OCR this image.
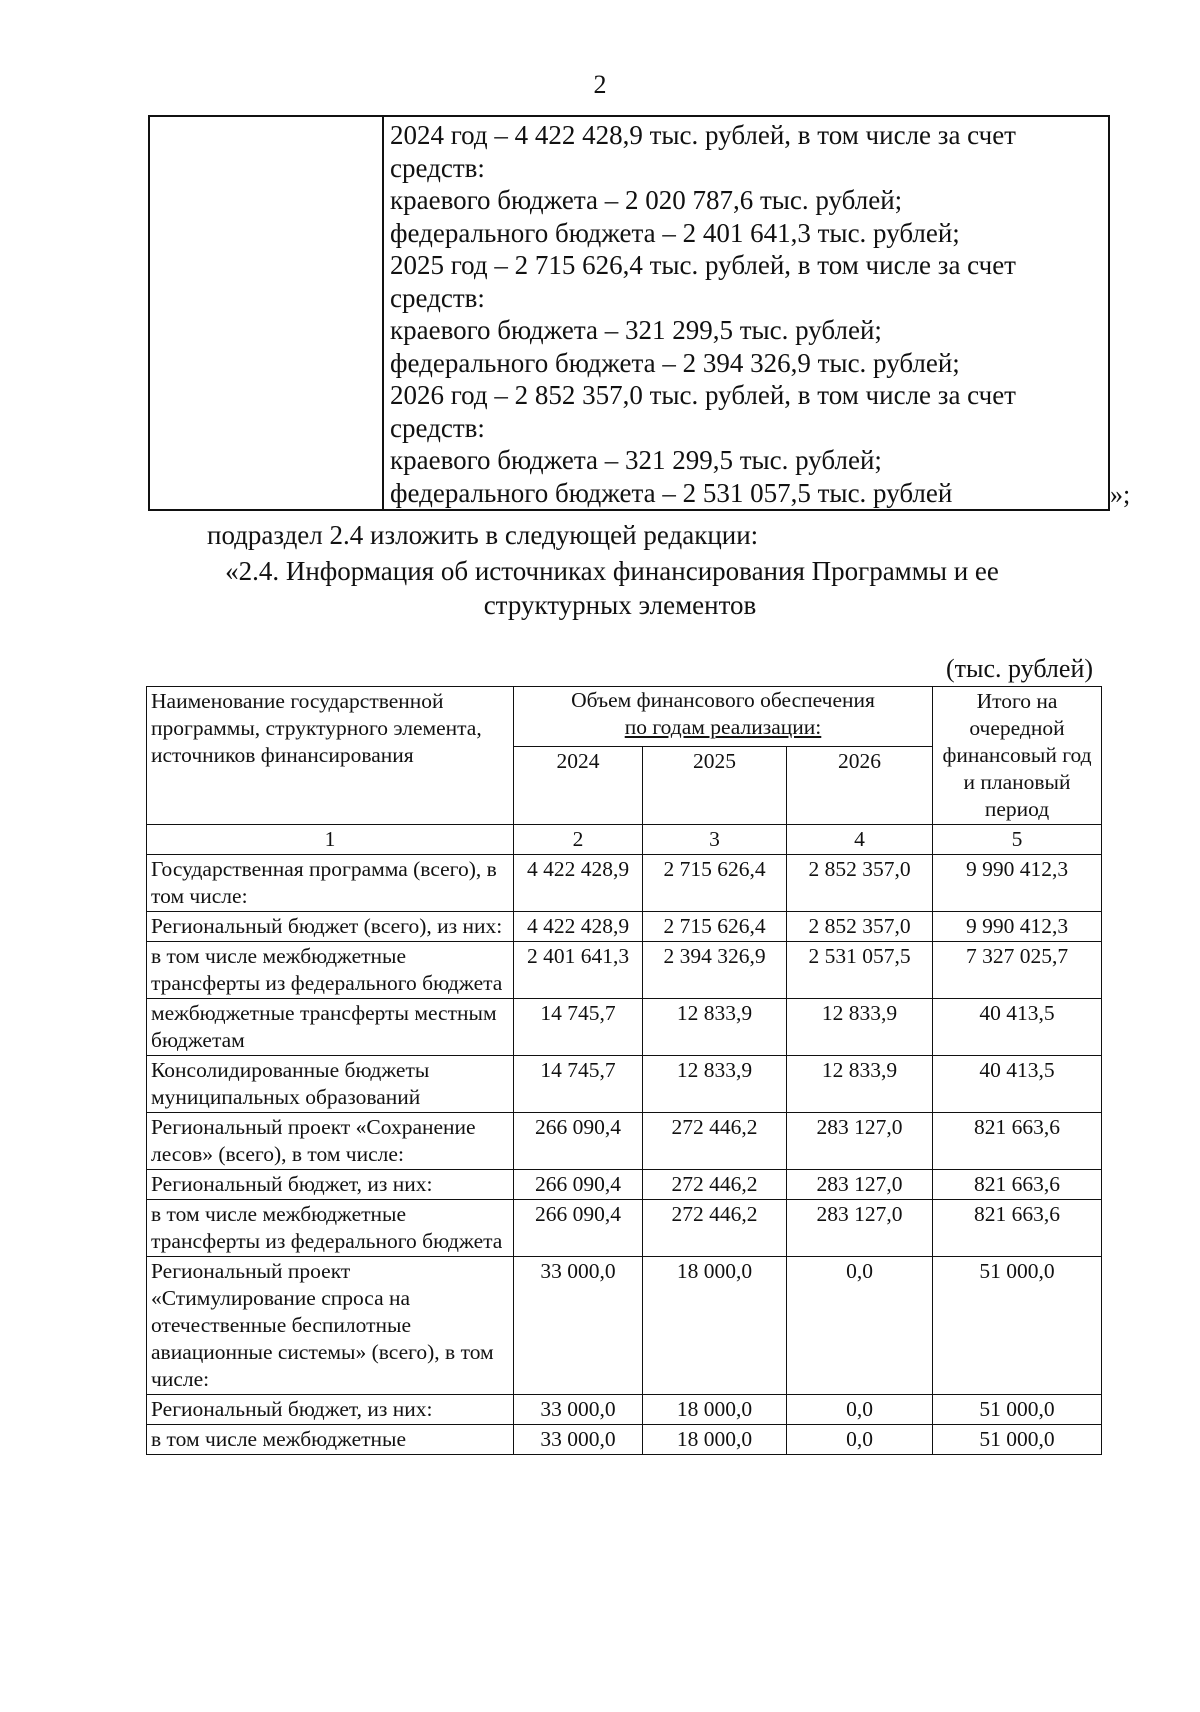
2

2024 год – 4 422 428,9 тыс. рублей, в том числе за счет
средств:
краевого бюджета – 2 020 787,6 тыс. рублей;
федерального бюджета – 2 401 641,3 тыс. рублей;
2025 год – 2 715 626,4 тыс. рублей, в том числе за счет
средств:
краевого бюджета – 321 299,5 тыс. рублей;
федерального бюджета – 2 394 326,9 тыс. рублей;
2026 год – 2 852 357,0 тыс. рублей, в том числе за счет
средств:
краевого бюджета – 321 299,5 тыс. рублей;
федерального бюджета – 2 531 057,5 тыс. рублей	»;
подраздел 2.4 изложить в следующей редакции:
«2.4. Информация об источниках финансирования Программы и ее
структурных элементов
(тыс. рублей)
Наименование государственной программы, структурного элемента, источников финансирования	Объем финансового обеспечения
по годам реализации:			Итого на очередной финансовый год и плановый период
	2024	2025	2026	
1	2	3	4	5
Государственная программа (всего), в том числе:	4 422 428,9	2 715 626,4	2 852 357,0	9 990 412,3
Региональный бюджет (всего), из них:	4 422 428,9	2 715 626,4	2 852 357,0	9 990 412,3
в том числе межбюджетные трансферты из федерального бюджета	2 401 641,3	2 394 326,9	2 531 057,5	7 327 025,7
межбюджетные трансферты местным бюджетам	14 745,7	12 833,9	12 833,9	40 413,5
Консолидированные бюджеты муниципальных образований	14 745,7	12 833,9	12 833,9	40 413,5
Региональный проект «Сохранение лесов» (всего), в том числе:	266 090,4	272 446,2	283 127,0	821 663,6
Региональный бюджет, из них:	266 090,4	272 446,2	283 127,0	821 663,6
в том числе межбюджетные трансферты из федерального бюджета	266 090,4	272 446,2	283 127,0	821 663,6
Региональный проект «Стимулирование спроса на отечественные беспилотные авиационные системы» (всего), в том числе:	33 000,0	18 000,0	0,0	51 000,0
Региональный бюджет, из них:	33 000,0	18 000,0	0,0	51 000,0
в том числе межбюджетные	33 000,0	18 000,0	0,0	51 000,0
